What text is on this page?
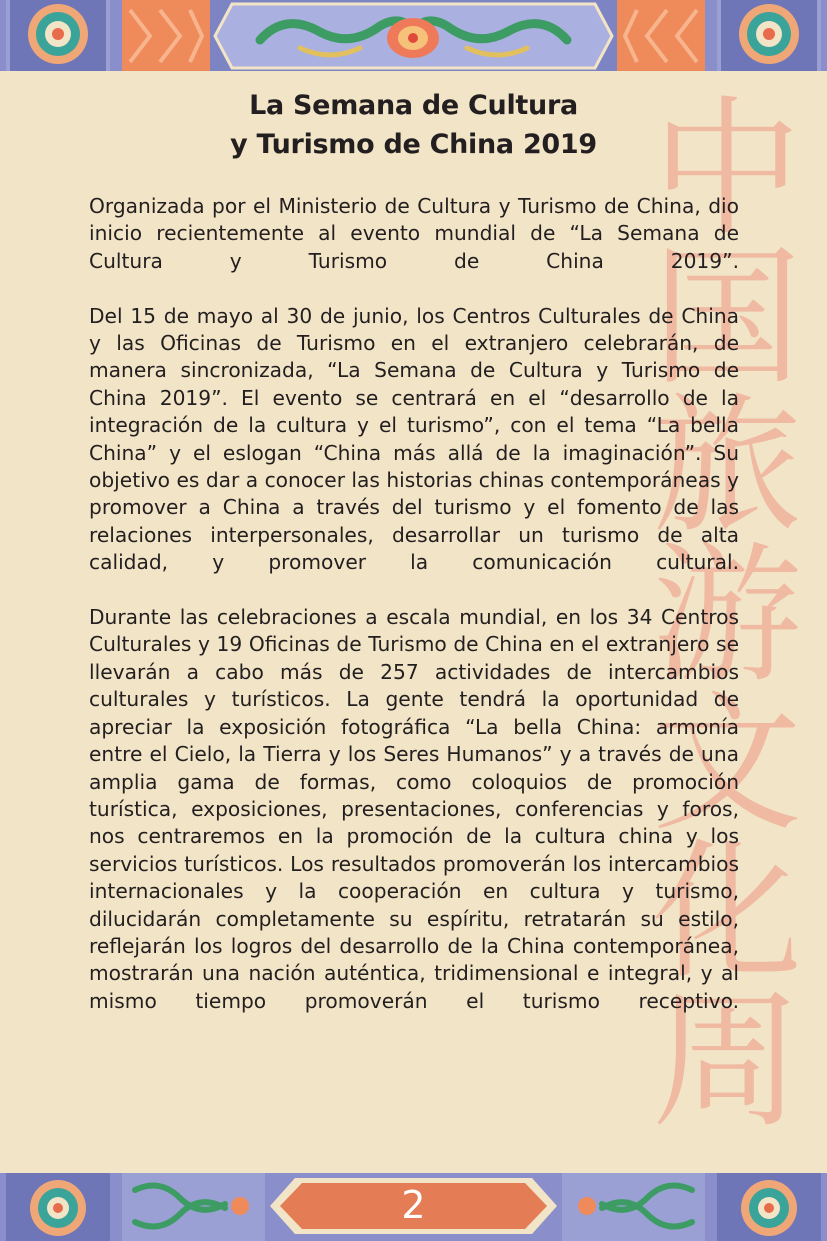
中国旅游文化周
La Semana de Cultura
y Turismo de China 2019

Organizada por el Ministerio de Cultura y Turismo de China, dio inicio recientemente al evento mundial de “La Semana de Cultura y Turismo de China 2019”.

Del 15 de mayo al 30 de junio, los Centros Culturales de China y las Oficinas de Turismo en el extranjero celebrarán, de manera sincronizada, “La Semana de Cultura y Turismo de China 2019”. El evento se centrará en el “desarrollo de la integración de la cultura y el turismo”, con el tema “La bella China” y el eslogan “China más allá de la imaginación”. Su objetivo es dar a conocer las historias chinas contemporáneas y promover a China a través del turismo y el fomento de las relaciones interpersonales, desarrollar un turismo de alta calidad, y promover la comunicación cultural.

Durante las celebraciones a escala mundial, en los 34 Centros Culturales y 19 Oficinas de Turismo de China en el extranjero se llevarán a cabo más de 257 actividades de intercambios culturales y turísticos. La gente tendrá la oportunidad de apreciar la exposición fotográfica “La bella China: armonía entre el Cielo, la Tierra y los Seres Humanos” y a través de una amplia gama de formas, como coloquios de promoción turística, exposiciones, presentaciones, conferencias y foros, nos centraremos en la promoción de la cultura china y los servicios turísticos. Los resultados promoverán los intercambios internacionales y la cooperación en cultura y turismo, dilucidarán completamente su espíritu, retratarán su estilo, reflejarán los logros del desarrollo de la China contemporánea, mostrarán una nación auténtica, tridimensional e integral, y al mismo tiempo promoverán el turismo receptivo.

2
